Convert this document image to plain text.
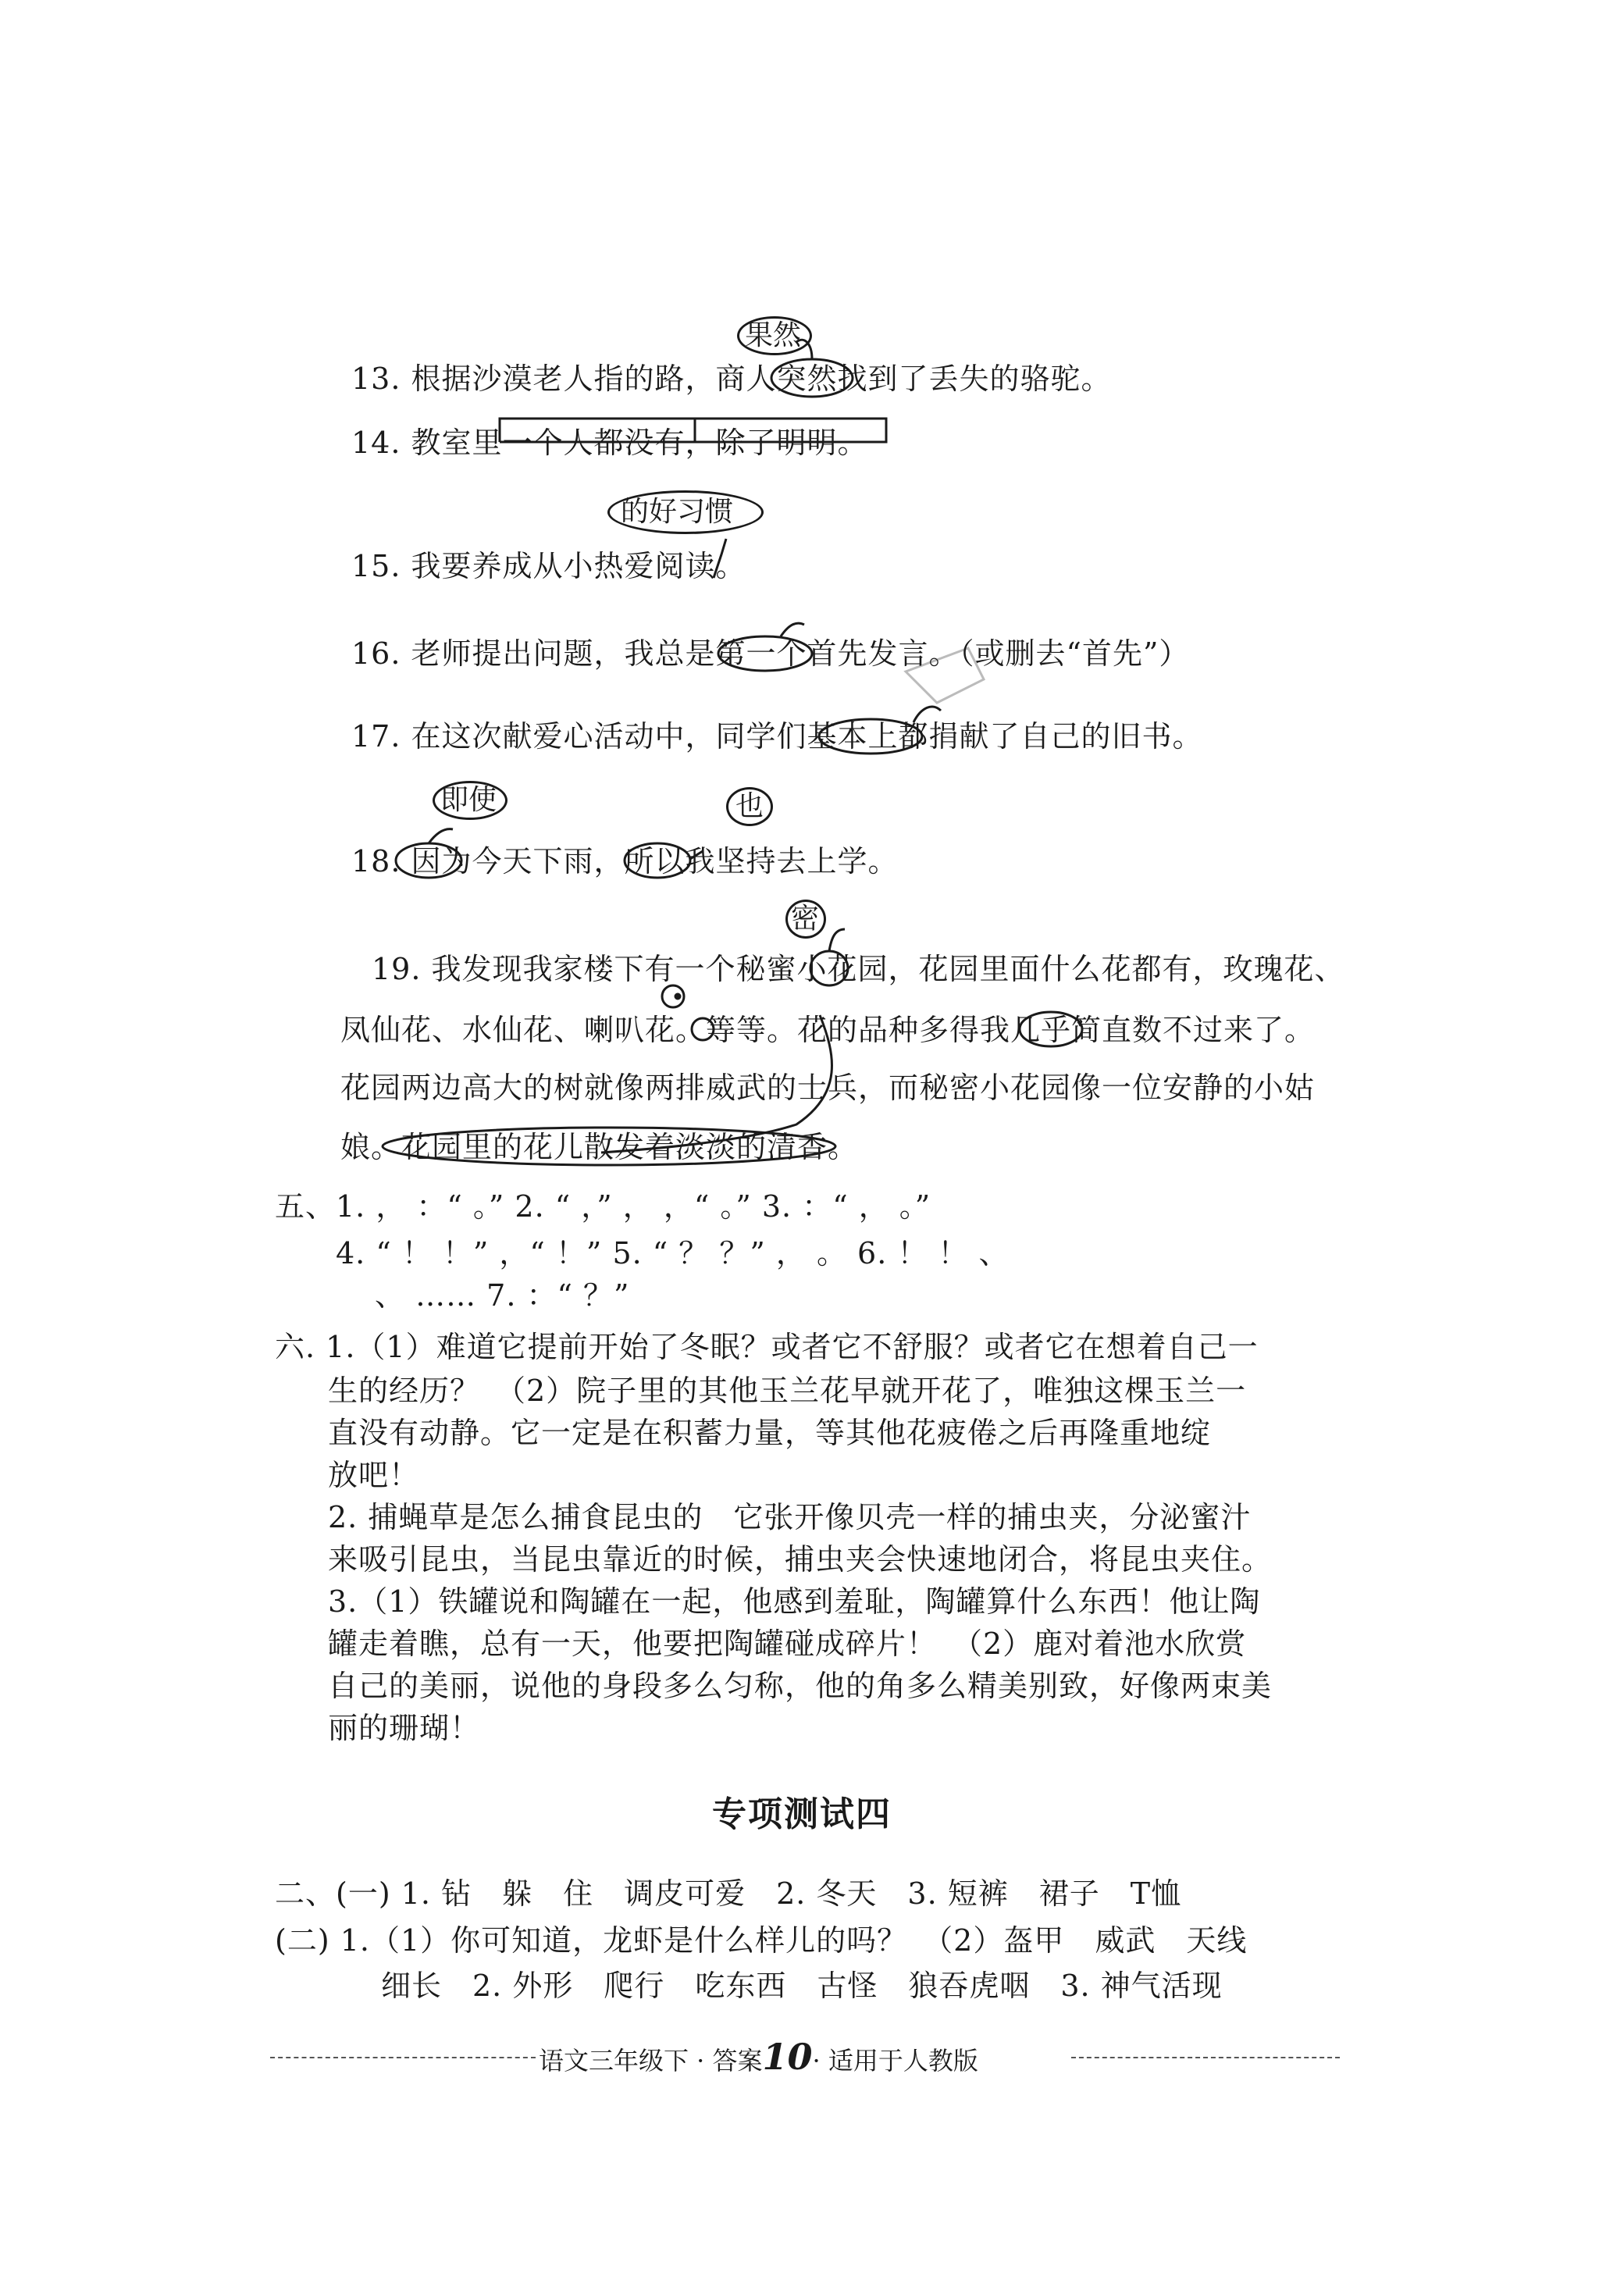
果然
的好习惯
即使	也
密
13. 根据沙漠老人指的路，商人突然找到了丢失的骆驼。
14. 教室里一个人都没有，除了明明。
15. 我要养成从小热爱阅读。
16. 老师提出问题，我总是第一个首先发言。（或删去“首先”）
17. 在这次献爱心活动中，同学们基本上都捐献了自己的旧书。
18. 因为今天下雨，所以我坚持去上学。
19. 我发现我家楼下有一个秘蜜小花园，花园里面什么花都有，玫瑰花、
凤仙花、水仙花、喇叭花。等等。花的品种多得我几乎简直数不过来了。
花园两边高大的树就像两排威武的士兵，而秘密小花园像一位安静的小姑
娘。花园里的花儿散发着淡淡的清香。
五、1. ， ：“ 。” 2. “ ，” ， ，“ 。” 3. ：“ ， 。”
4. “ ！ ！” ，“ ！” 5. “ ？ ？” ， 。 6. ！ ！ 、
、 …… 7. ：“ ？”
六. 1.（1）难道它提前开始了冬眠？或者它不舒服？或者它在想着自己一
生的经历？　（2）院子里的其他玉兰花早就开花了，唯独这棵玉兰一
直没有动静。它一定是在积蓄力量，等其他花疲倦之后再隆重地绽
放吧！
2. 捕蝇草是怎么捕食昆虫的　它张开像贝壳一样的捕虫夹，分泌蜜汁
来吸引昆虫，当昆虫靠近的时候，捕虫夹会快速地闭合，将昆虫夹住。
3.（1）铁罐说和陶罐在一起，他感到羞耻，陶罐算什么东西！他让陶
罐走着瞧，总有一天，他要把陶罐碰成碎片！　（2）鹿对着池水欣赏
自己的美丽，说他的身段多么匀称，他的角多么精美别致，好像两束美
丽的珊瑚！
专项测试四
二、(一) 1. 钻　躲　住　调皮可爱　2. 冬天　3. 短裤　裙子　T恤
(二) 1.（1）你可知道，龙虾是什么样儿的吗？　（2）盔甲　威武　天线
细长　2. 外形　爬行　吃东西　古怪　狼吞虎咽　3. 神气活现
语文三年级下 · 答案10· 适用于人教版
